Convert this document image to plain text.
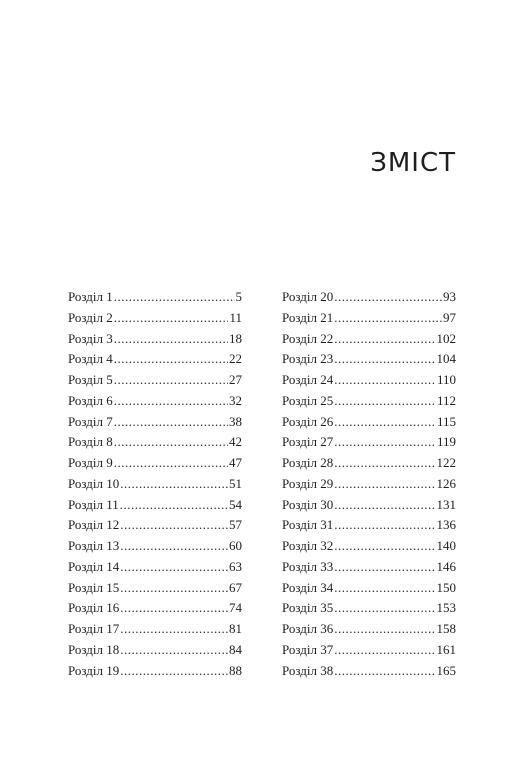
ЗМІСТ
Розділ 1 .....	5
Розділ 2 .....	11
Розділ 3 .....	18
Розділ 4 .....	22
Розділ 5 .....	27
Розділ 6 .....	32
Розділ 7 .....	38
Розділ 8 .....	42
Розділ 9 .....	47
Розділ 10 .....	51
Розділ 11 .....	54
Розділ 12 .....	57
Розділ 13 .....	60
Розділ 14 .....	63
Розділ 15 .....	67
Розділ 16 .....	74
Розділ 17 .....	81
Розділ 18 .....	84
Розділ 19 .....	88
Розділ 20 .....	93
Розділ 21 .....	97
Розділ 22 .....	102
Розділ 23 .....	104
Розділ 24 .....	110
Розділ 25 .....	112
Розділ 26 .....	115
Розділ 27 .....	119
Розділ 28 .....	122
Розділ 29 .....	126
Розділ 30 .....	131
Розділ 31 .....	136
Розділ 32 .....	140
Розділ 33 .....	146
Розділ 34 .....	150
Розділ 35 .....	153
Розділ 36 .....	158
Розділ 37 .....	161
Розділ 38 .....	165
